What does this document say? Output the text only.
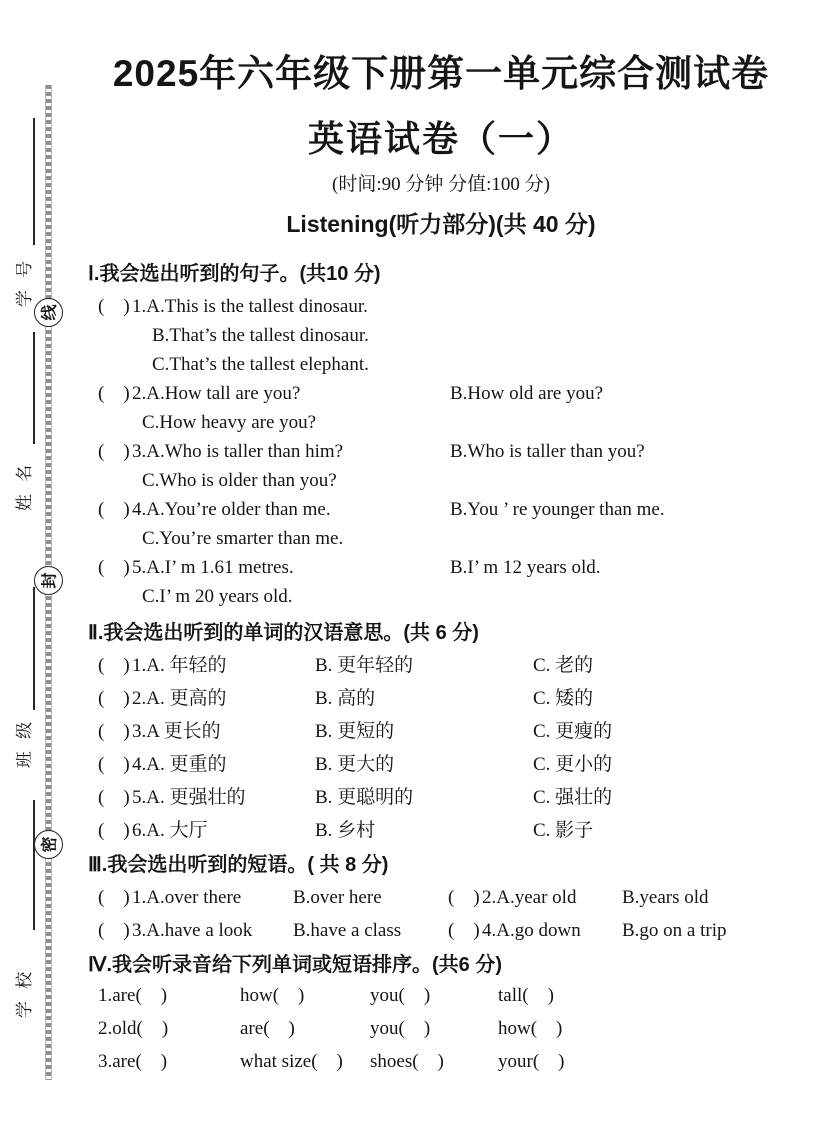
学 号
姓 名
班 级
学 校
线
封
密
2025年六年级下册第一单元综合测试卷
英语试卷（一）
(时间:90 分钟 分值:100 分)
Listening(听力部分)(共 40 分)
Ⅰ.我会选出听到的句子。(共10 分)
(　) 1.A.This is the tallest dinosaur.
B.That’s the tallest dinosaur.
C.That’s the tallest elephant.
(　) 2.A.How tall are you?	B.How old are you?
C.How heavy are you?
(　) 3.A.Who is taller than him?	B.Who is taller than you?
C.Who is older than you?
(　) 4.A.You’re older than me.	B.You ’ re younger than me.
C.You’re smarter than me.
(　) 5.A.I’ m 1.61 metres.	B.I’ m 12 years old.
C.I’ m 20 years old.
Ⅱ.我会选出听到的单词的汉语意思。(共 6 分)
(　) 1.A. 年轻的	B. 更年轻的	C. 老的
(　) 2.A. 更高的	B. 高的	C. 矮的
(　) 3.A 更长的	B. 更短的	C. 更瘦的
(　) 4.A. 更重的	B. 更大的	C. 更小的
(　) 5.A. 更强壮的	B. 更聪明的	C. 强壮的
(　) 6.A. 大厅	B. 乡村	C. 影子
Ⅲ.我会选出听到的短语。( 共 8 分)
(　) 1.A.over there	B.over here	(　) 2.A.year old	B.years old
(　) 3.A.have a look	B.have a class	(　) 4.A.go down	B.go on a trip
Ⅳ.我会听录音给下列单词或短语排序。(共6 分)
1.are(　)	how(　)	you(　)	tall(　)
2.old(　)	are(　)	you(　)	how(　)
3.are(　)	what size(　)	shoes(　)	your(　)
